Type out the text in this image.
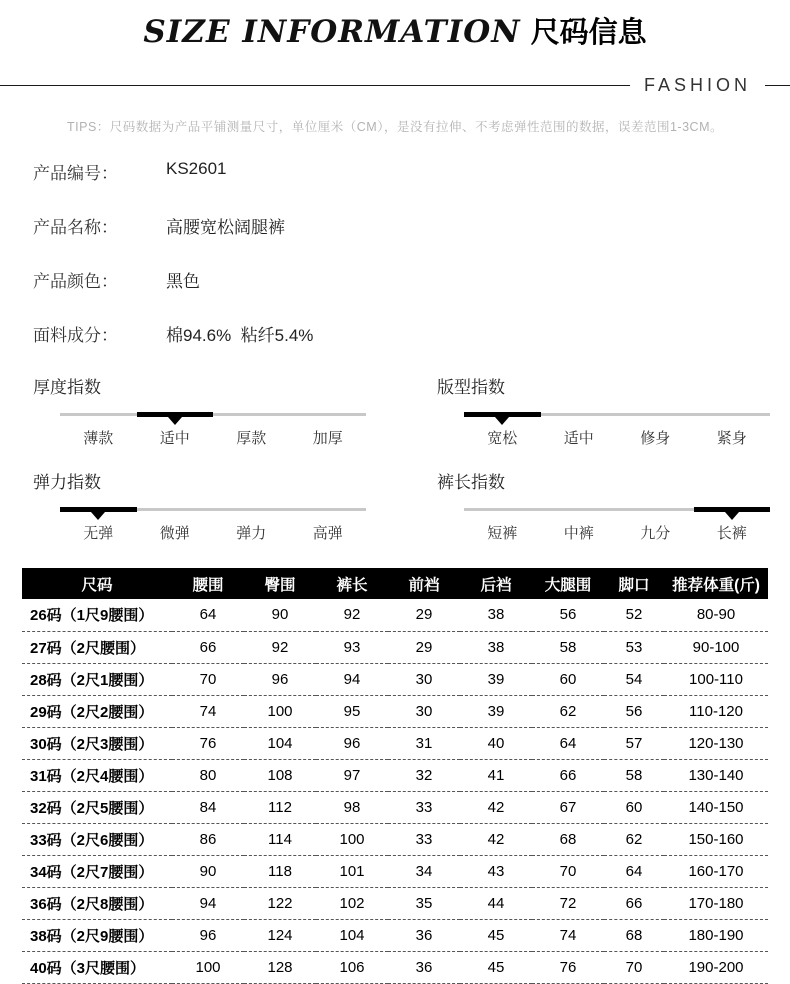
SIZE INFORMATION 尺码信息
FASHION
TIPS：尺码数据为产品平铺测量尺寸，单位厘米（CM），是没有拉伸、不考虑弹性范围的数据，误差范围1-3CM。
产品编号：	KS2601
产品名称：	高腰宽松阔腿裤
产品颜色：	黑色
面料成分：	棉94.6%  粘纤5.4%
厚度指数
薄款	适中	厚款	加厚
版型指数
宽松	适中	修身	紧身
弹力指数
无弹	微弹	弹力	高弹
裤长指数
短裤	中裤	九分	长裤
尺码	腰围	臀围	裤长	前裆	后裆	大腿围	脚口	推荐体重(斤)
26码（1尺9腰围）	64	90	92	29	38	56	52	80-90
27码（2尺腰围）	66	92	93	29	38	58	53	90-100
28码（2尺1腰围）	70	96	94	30	39	60	54	100-110
29码（2尺2腰围）	74	100	95	30	39	62	56	110-120
30码（2尺3腰围）	76	104	96	31	40	64	57	120-130
31码（2尺4腰围）	80	108	97	32	41	66	58	130-140
32码（2尺5腰围）	84	112	98	33	42	67	60	140-150
33码（2尺6腰围）	86	114	100	33	42	68	62	150-160
34码（2尺7腰围）	90	118	101	34	43	70	64	160-170
36码（2尺8腰围）	94	122	102	35	44	72	66	170-180
38码（2尺9腰围）	96	124	104	36	45	74	68	180-190
40码（3尺腰围）	100	128	106	36	45	76	70	190-200
